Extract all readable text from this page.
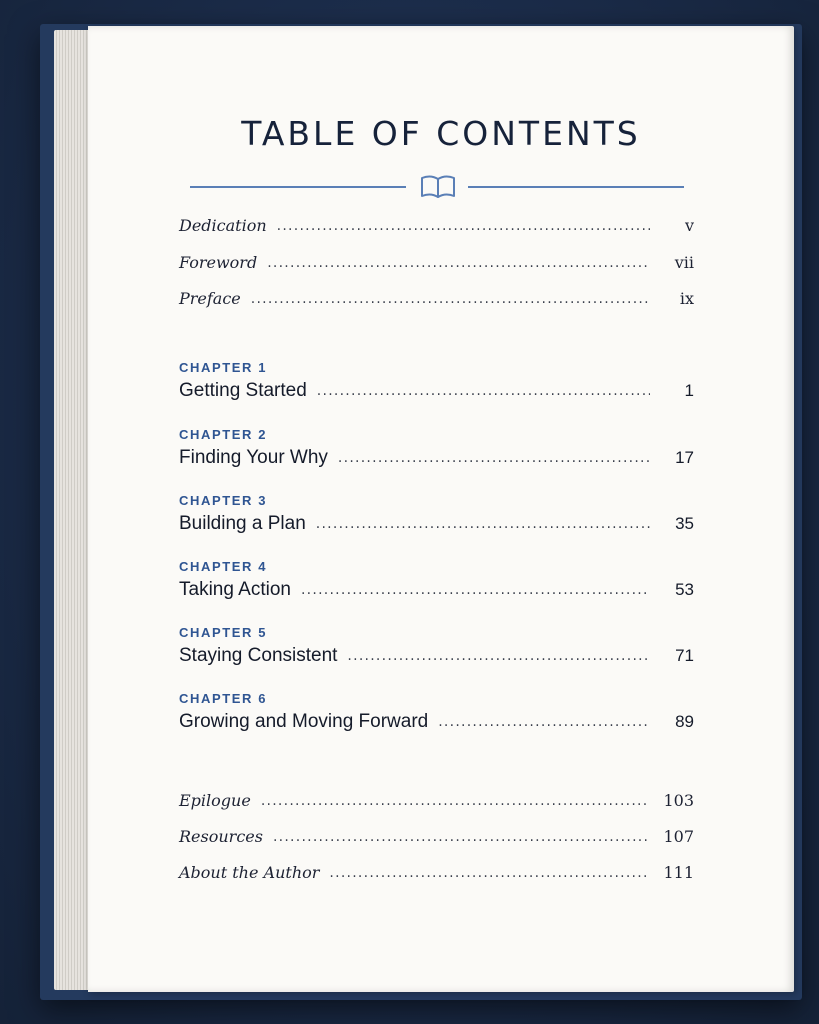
TABLE OF CONTENTS
Dedication . . .	v
Foreword . . .	vii
Preface . . .	ix
CHAPTER 1
Getting Started . . .	1
CHAPTER 2
Finding Your Why . . .	17
CHAPTER 3
Building a Plan . . .	35
CHAPTER 4
Taking Action . . .	53
CHAPTER 5
Staying Consistent . . .	71
CHAPTER 6
Growing and Moving Forward . . .	89
Epilogue . . .	103
Resources . . .	107
About the Author . . .	111
